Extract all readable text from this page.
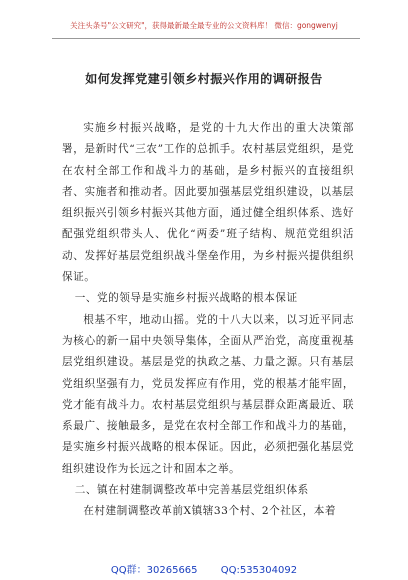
关注头条号"公文研究"，获得最新最全最专业的公文资料库！ 微信：gongwenyj
如何发挥党建引领乡村振兴作用的调研报告

实施乡村振兴战略，是党的十九大作出的重大决策部署，是新时代“三农”工作的总抓手。农村基层党组织，是党在农村全部工作和战斗力的基础，是乡村振兴的直接组织者、实施者和推动者。因此要加强基层党组织建设，以基层组织振兴引领乡村振兴其他方面，通过健全组织体系、选好配强党组织带头人、优化“两委”班子结构、规范党组织活动、发挥好基层党组织战斗堡垒作用，为乡村振兴提供组织保证。

一、党的领导是实施乡村振兴战略的根本保证

根基不牢，地动山摇。党的十八大以来，以习近平同志为核心的新一届中央领导集体，全面从严治党，高度重视基层党组织建设。基层是党的执政之基、力量之源。只有基层党组织坚强有力，党员发挥应有作用，党的根基才能牢固，党才能有战斗力。农村基层党组织与基层群众距离最近、联系最广、接触最多，是党在农村全部工作和战斗力的基础，是实施乡村振兴战略的根本保证。因此，必须把强化基层党组织建设作为长远之计和固本之举。

二、镇在村建制调整改革中完善基层党组织体系

在村建制调整改革前Ⅹ镇辖33个村、2个社区，本着

QQ群：30265665 QQ:535304092
